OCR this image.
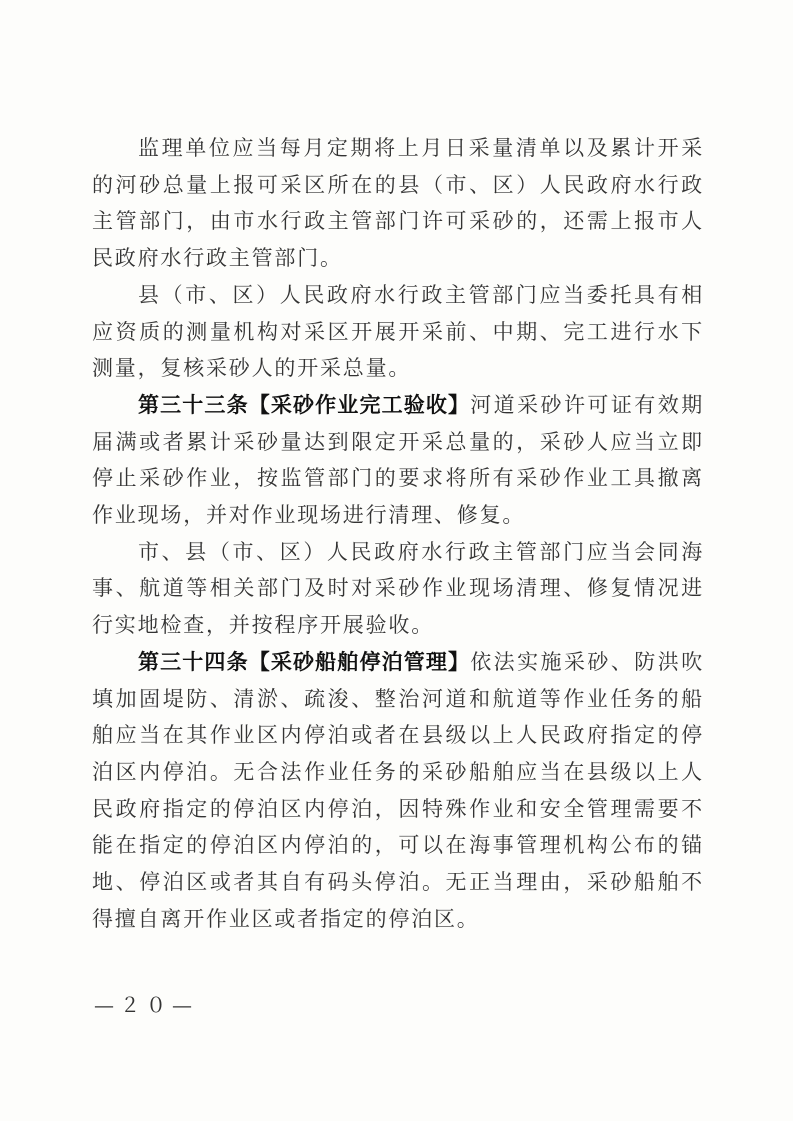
监理单位应当每月定期将上月日采量清单以及累计开采的河砂总量上报可采区所在的县（市、区）人民政府水行政主管部门，由市水行政主管部门许可采砂的，还需上报市人民政府水行政主管部门。

县（市、区）人民政府水行政主管部门应当委托具有相应资质的测量机构对采区开展开采前、中期、完工进行水下测量，复核采砂人的开采总量。

第三十三条【采砂作业完工验收】河道采砂许可证有效期届满或者累计采砂量达到限定开采总量的，采砂人应当立即停止采砂作业，按监管部门的要求将所有采砂作业工具撤离作业现场，并对作业现场进行清理、修复。

市、县（市、区）人民政府水行政主管部门应当会同海事、航道等相关部门及时对采砂作业现场清理、修复情况进行实地检查，并按程序开展验收。

第三十四条【采砂船舶停泊管理】依法实施采砂、防洪吹填加固堤防、清淤、疏浚、整治河道和航道等作业任务的船舶应当在其作业区内停泊或者在县级以上人民政府指定的停泊区内停泊。无合法作业任务的采砂船舶应当在县级以上人民政府指定的停泊区内停泊，因特殊作业和安全管理需要不能在指定的停泊区内停泊的，可以在海事管理机构公布的锚地、停泊区或者其自有码头停泊。无正当理由，采砂船舶不得擅自离开作业区或者指定的停泊区。

—２０—
